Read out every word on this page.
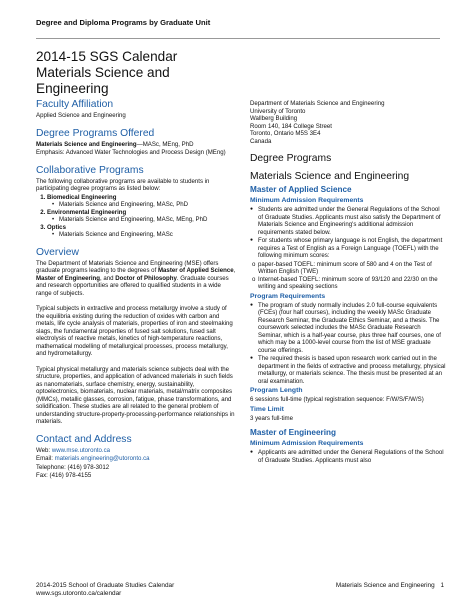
Degree and Diploma Programs by Graduate Unit
2014-15 SGS Calendar
Materials Science and Engineering
Faculty Affiliation

Applied Science and Engineering

Degree Programs Offered

Materials Science and Engineering—MASc, MEng, PhD

Emphasis: Advanced Water Technologies and Process Design (MEng)

Collaborative Programs

The following collaborative programs are available to students in participating degree programs as listed below:

1. Biomedical Engineering
• Materials Science and Engineering, MASc, PhD
2. Environmental Engineering
• Materials Science and Engineering, MASc, MEng, PhD
3. Optics
• Materials Science and Engineering, MASc
Overview

The Department of Materials Science and Engineering (MSE) offers graduate programs leading to the degrees of Master of Applied Science, Master of Engineering, and Doctor of Philosophy. Graduate courses and research opportunities are offered to qualified students in a wide range of subjects.

Typical subjects in extractive and process metallurgy involve a study of the equilibria existing during the reduction of oxides with carbon and metals, life cycle analysis of materials, properties of iron and steelmaking slags, the fundamental properties of fused salt solutions, fused salt electrolysis of reactive metals, kinetics of high-temperature reactions, mathematical modelling of metallurgical processes, process metallurgy, and hydrometallurgy.

Typical physical metallurgy and materials science subjects deal with the structure, properties, and application of advanced materials in such fields as nanomaterials, surface chemistry, energy, sustainability, optoelectronics, biomaterials, nuclear materials, metal/matrix composites (MMCs), metallic glasses, corrosion, fatigue, phase transformations, and solidification. These studies are all related to the general problem of understanding structure-property-processing-performance relationships in materials.

Contact and Address

Web: www.mse.utoronto.ca

Email: materials.engineering@utoronto.ca

Telephone: (416) 978-3012

Fax: (416) 978-4155

Department of Materials Science and Engineering

University of Toronto

Wallberg Building

Room 140, 184 College Street

Toronto, Ontario M5S 3E4

Canada

Degree Programs
Materials Science and Engineering
Master of Applied Science
Minimum Admission Requirements
● Students are admitted under the General Regulations of the School of Graduate Studies. Applicants must also satisfy the Department of Materials Science and Engineering's additional admission requirements stated below.
● For students whose primary language is not English, the department requires a Test of English as a Foreign Language (TOEFL) with the following minimum scores:
o paper-based TOEFL: minimum score of 580 and 4 on the Test of Written English (TWE)
o Internet-based TOEFL: minimum score of 93/120 and 22/30 on the writing and speaking sections
Program Requirements
● The program of study normally includes 2.0 full-course equivalents (FCEs) (four half courses), including the weekly MASc Graduate Research Seminar, the Graduate Ethics Seminar, and a thesis. The coursework selected includes the MASc Graduate Research Seminar, which is a half-year course, plus three half courses, one of which may be a 1000-level course from the list of MSE graduate course offerings.
● The required thesis is based upon research work carried out in the department in the fields of extractive and process metallurgy, physical metallurgy, or materials science. The thesis must be presented at an oral examination.
Program Length

6 sessions full-time (typical registration sequence: F/W/S/F/W/S)

Time Limit

3 years full-time

Master of Engineering
Minimum Admission Requirements
● Applicants are admitted under the General Regulations of the School of Graduate Studies. Applicants must also
2014-2015 School of Graduate Studies Calendar
www.sgs.utoronto.ca/calendar
Materials Science and Engineering 1
